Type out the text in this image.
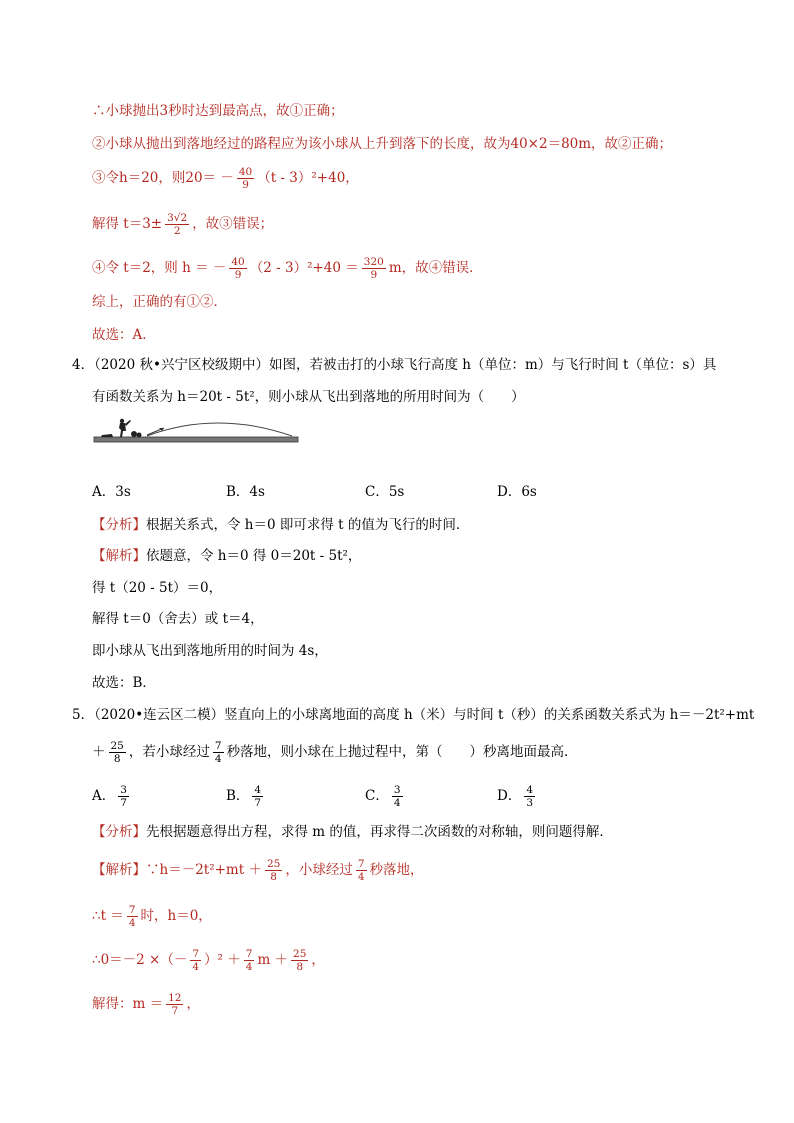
∴小球抛出3秒时达到最高点，故①正确；
②小球从抛出到落地经过的路程应为该小球从上升到落下的长度，故为40×2＝80m，故②正确；
③令h＝20，则$20= - \frac{40}{9} (t - 3)^2+40$，
解得 $t=3\pm \frac{3√2}{2}$ ，故③错误；
④令 t＝2，则 h ＝ － $\frac{40}{9} (2 - 3)^2+40 = \frac{320}{9}$ m，故④错误．
综上，正确的有①②．
故选：A．
4．（2020 秋•兴宁区校级期中）如图，若被击打的小球飞行高度 h（单位：m）与飞行时间 t（单位：s）具
有函数关系为 h＝20t - 5t²，则小球从飞出到落地的所用时间为（　　）
A．3s	B．4s	C．5s	D．6s
【分析】根据关系式，令 h＝0 即可求得 t 的值为飞行的时间．
【解析】依题意，令 h＝0 得 0＝20t - 5t²，
得 t（20 - 5t）＝0，
解得 t＝0（舍去）或 t＝4，
即小球从飞出到落地所用的时间为 4s，
故选：B．
5．（2020•连云区二模）竖直向上的小球离地面的高度 h（米）与时间 t（秒）的关系函数关系式为 h＝－2t²+mt
＋ $\frac{25}{8}$ ，若小球经过 $\frac{7}{4}$ 秒落地，则小球在上抛过程中，第（　　）秒离地面最高．
A． $\frac{3}{7}$	B． $\frac{4}{7}$	C． $\frac{3}{4}$	D． $\frac{4}{3}$
【分析】先根据题意得出方程，求得 m 的值，再求得二次函数的对称轴，则问题得解．
【解析】∵h＝－2t²+mt ＋ $\frac{25}{8}$ ，小球经过 $\frac{7}{4}$ 秒落地，
∴t ＝ $\frac{7}{4}$ 时，h＝0，
∴0＝－2 ×（－ $\frac{7}{4} )^2 + \frac{7}{4}$ $m + \frac{25}{8}$ ，
解得：$m = \frac{12}{7}$ ，
